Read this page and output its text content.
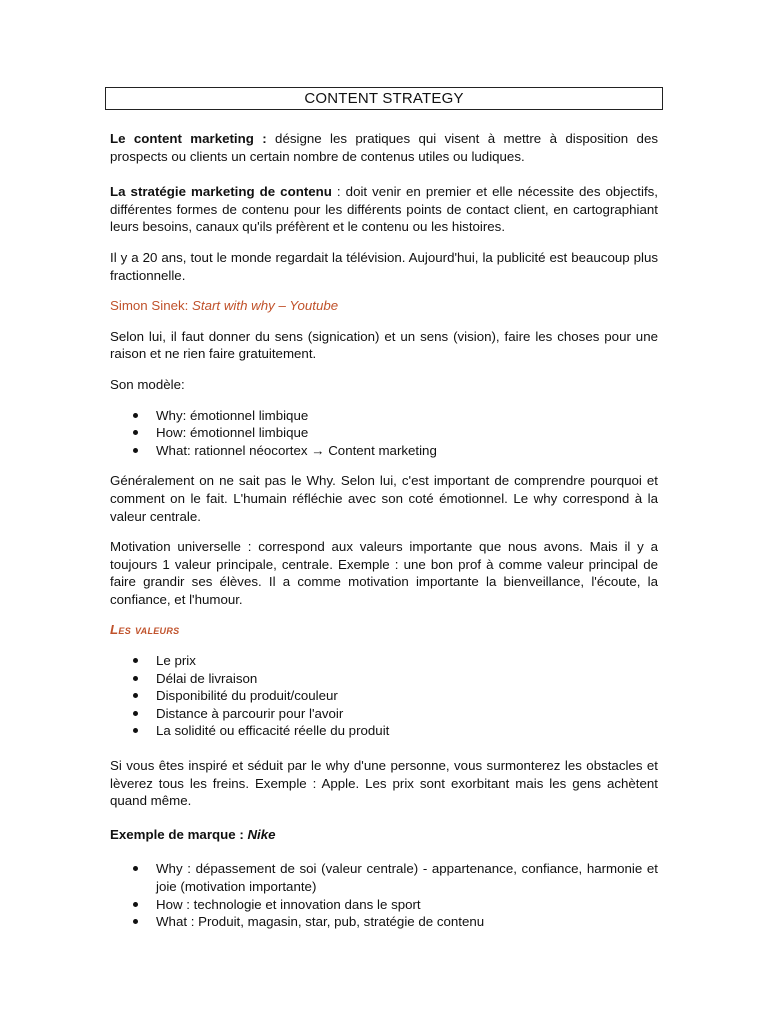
CONTENT STRATEGY

Le content marketing : désigne les pratiques qui visent à mettre à disposition des prospects ou clients un certain nombre de contenus utiles ou ludiques.

La stratégie marketing de contenu : doit venir en premier et elle nécessite des objectifs, différentes formes de contenu pour les différents points de contact client, en cartographiant leurs besoins, canaux qu'ils préfèrent et le contenu ou les histoires.

Il y a 20 ans, tout le monde regardait la télévision. Aujourd'hui, la publicité est beaucoup plus fractionnelle.

Simon Sinek: Start with why – Youtube

Selon lui, il faut donner du sens (signication) et un sens (vision), faire les choses pour une raison et ne rien faire gratuitement.

Son modèle:

Why: émotionnel limbique
How: émotionnel limbique
What: rationnel néocortex → Content marketing

Généralement on ne sait pas le Why. Selon lui, c'est important de comprendre pourquoi et comment on le fait. L'humain réfléchie avec son coté émotionnel. Le why correspond à la valeur centrale.

Motivation universelle : correspond aux valeurs importante que nous avons. Mais il y a toujours 1 valeur principale, centrale. Exemple : une bon prof à comme valeur principal de faire grandir ses élèves. Il a comme motivation importante la bienveillance, l'écoute, la confiance, et l'humour.

Les valeurs

Le prix
Délai de livraison
Disponibilité du produit/couleur
Distance à parcourir pour l'avoir
La solidité ou efficacité réelle du produit

Si vous êtes inspiré et séduit par le why d'une personne, vous surmonterez les obstacles et lèverez tous les freins. Exemple : Apple. Les prix sont exorbitant mais les gens achètent quand même.

Exemple de marque : Nike

Why : dépassement de soi (valeur centrale) - appartenance, confiance, harmonie et joie (motivation importante)
How : technologie et innovation dans le sport
What : Produit, magasin, star, pub, stratégie de contenu
